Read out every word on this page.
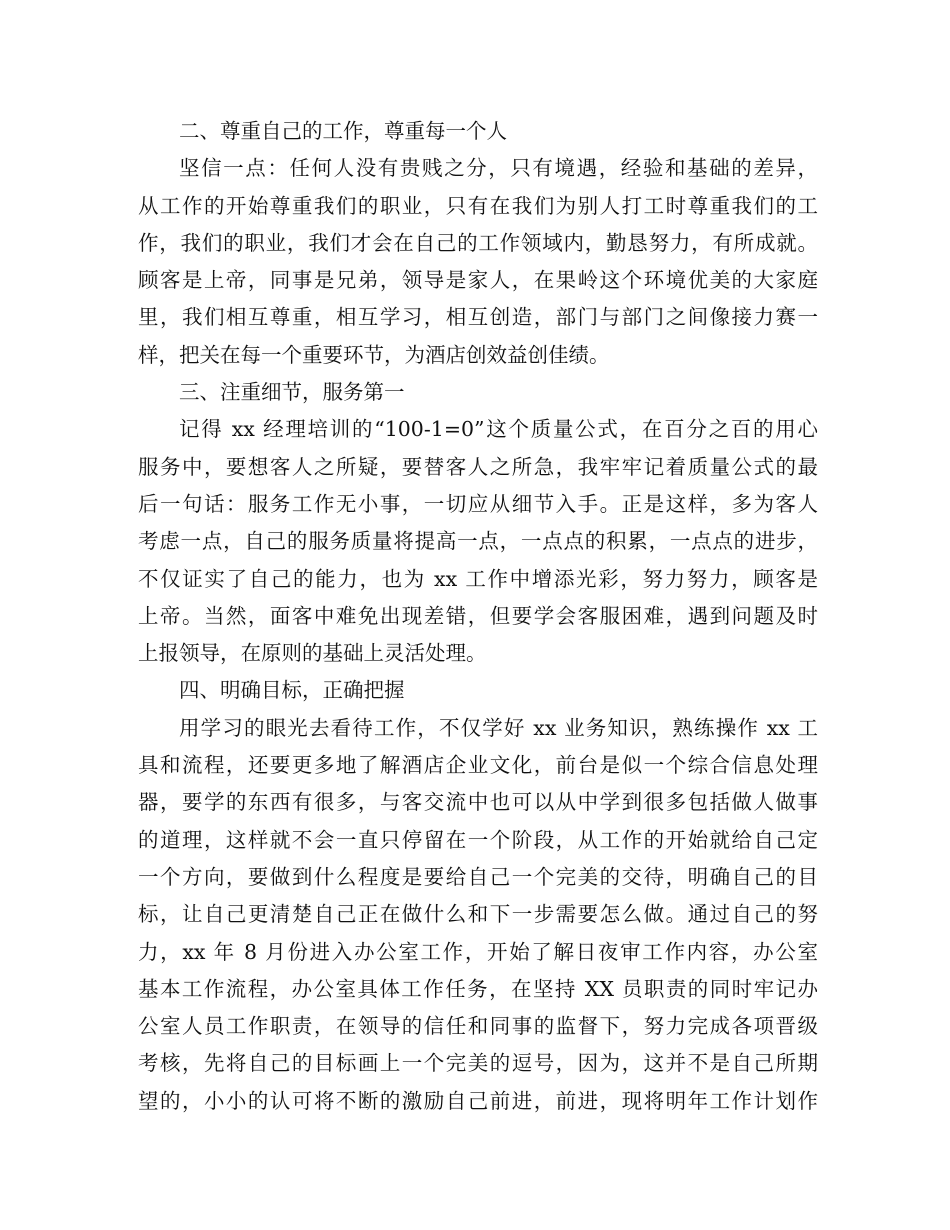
二、尊重自己的工作，尊重每一个人
坚信一点：任何人没有贵贱之分，只有境遇，经验和基础的差异，
从工作的开始尊重我们的职业，只有在我们为别人打工时尊重我们的工
作，我们的职业，我们才会在自己的工作领域内，勤恳努力，有所成就。
顾客是上帝，同事是兄弟，领导是家人，在果岭这个环境优美的大家庭
里，我们相互尊重，相互学习，相互创造，部门与部门之间像接力赛一
样，把关在每一个重要环节，为酒店创效益创佳绩。
三、注重细节，服务第一
记得 xx 经理培训的“100-1=0”这个质量公式，在百分之百的用心
服务中，要想客人之所疑，要替客人之所急，我牢牢记着质量公式的最
后一句话：服务工作无小事，一切应从细节入手。正是这样，多为客人
考虑一点，自己的服务质量将提高一点，一点点的积累，一点点的进步，
不仅证实了自己的能力，也为 xx 工作中增添光彩，努力努力，顾客是
上帝。当然，面客中难免出现差错，但要学会客服困难，遇到问题及时
上报领导，在原则的基础上灵活处理。
四、明确目标，正确把握
用学习的眼光去看待工作，不仅学好 xx 业务知识，熟练操作 xx 工
具和流程，还要更多地了解酒店企业文化，前台是似一个综合信息处理
器，要学的东西有很多，与客交流中也可以从中学到很多包括做人做事
的道理，这样就不会一直只停留在一个阶段，从工作的开始就给自己定
一个方向，要做到什么程度是要给自己一个完美的交待，明确自己的目
标，让自己更清楚自己正在做什么和下一步需要怎么做。通过自己的努
力，xx 年 8 月份进入办公室工作，开始了解日夜审工作内容，办公室
基本工作流程，办公室具体工作任务，在坚持 XX 员职责的同时牢记办
公室人员工作职责，在领导的信任和同事的监督下，努力完成各项晋级
考核，先将自己的目标画上一个完美的逗号，因为，这并不是自己所期
望的，小小的认可将不断的激励自己前进，前进，现将明年工作计划作
